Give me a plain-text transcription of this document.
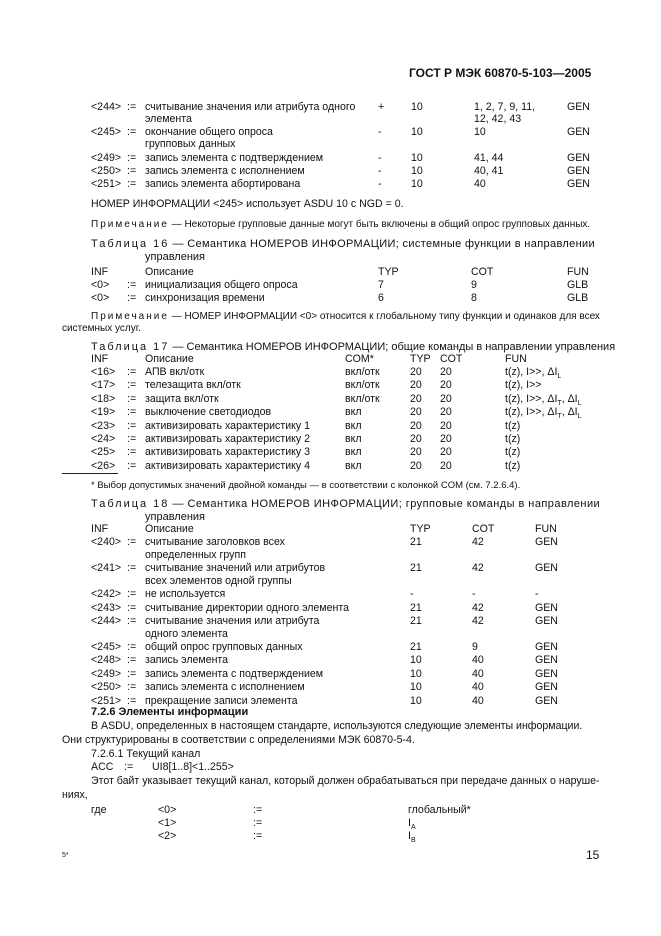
ГОСТ Р МЭК 60870-5-103—2005
<244> := считывание значения или атрибута одного +	10	1, 2, 7, 9, 11,	GEN
элемента	12, 42, 43
<245> := окончание общего опроса	-	10	10	GEN
групповых данных
<249> := запись элемента с подтверждением	-	10	41, 44	GEN
<250> := запись элемента с исполнением	-	10	40, 41	GEN
<251> := запись элемента абортирована	-	10	40	GEN
НОМЕР ИНФОРМАЦИИ <245> использует ASDU 10 с NGD = 0.
Примечание — Некоторые групповые данные могут быть включены в общий опрос групповых данных.
Таблица 16 — Семантика НОМЕРОВ ИНФОРМАЦИИ; системные функции в направлении
управления
INF	Описание	TYP	COT	FUN
<0> := инициализация общего опроса	7	9	GLB
<0> := синхронизация времени	6	8	GLB
Примечание — НОМЕР ИНФОРМАЦИИ <0> относится к глобальному типу функции и одинаков для всех
системных услуг.
Таблица 17 — Семантика НОМЕРОВ ИНФОРМАЦИИ; общие команды в направлении управления
INF	Описание	COM*	TYP COT	FUN
<16> := АПВ вкл/отк	вкл/отк	20 20	t(z), I>>, $\Delta I_L$
<17> := телезащита вкл/отк	вкл/отк	20 20	t(z), I>>
<18> := защита вкл/отк	вкл/отк	20 20	t(z), I>>, $\Delta I_T$, $\Delta I_L$
<19> := выключение светодиодов	вкл	20 20	t(z), I>>, $\Delta I_T$, $\Delta I_L$
<23> := активизировать характеристику 1	вкл	20 20	t(z)
<24> := активизировать характеристику 2	вкл	20 20	t(z)
<25> := активизировать характеристику 3	вкл	20 20	t(z)
<26> := активизировать характеристику 4	вкл	20 20	t(z)
* Выбор допустимых значений двойной команды — в соответствии с колонкой COM (см. 7.2.6.4).
Таблица 18 — Семантика НОМЕРОВ ИНФОРМАЦИИ; групповые команды в направлении
управления
INF	Описание	TYP	COT	FUN
<240> := считывание заголовков всех	21	42	GEN
определенных групп
<241> := считывание значений или атрибутов	21	42	GEN
всех элементов одной группы
<242> := не используется	-	-	-
<243> := считывание директории одного элемента	21	42	GEN
<244> := считывание значения или атрибута	21	42	GEN
одного элемента
<245> := общий опрос групповых данных	21	9	GEN
<248> := запись элемента	10	40	GEN
<249> := запись элемента с подтверждением	10	40	GEN
<250> := запись элемента с исполнением	10	40	GEN
<251> := прекращение записи элемента	10	40	GEN
7.2.6 Элементы информации
В ASDU, определенных в настоящем стандарте, используются следующие элементы информации.
Они структурированы в соответствии с определениями МЭК 60870-5-4.
7.2.6.1 Текущий канал
ACC := UI8[1..8]<1..255>
Этот байт указывает текущий канал, который должен обрабатываться при передаче данных о наруше-
ниях,
где	<0>	:=	глобальный*
<1>	:=	$I_A$
<2>	:=	$I_B$
5*	15
